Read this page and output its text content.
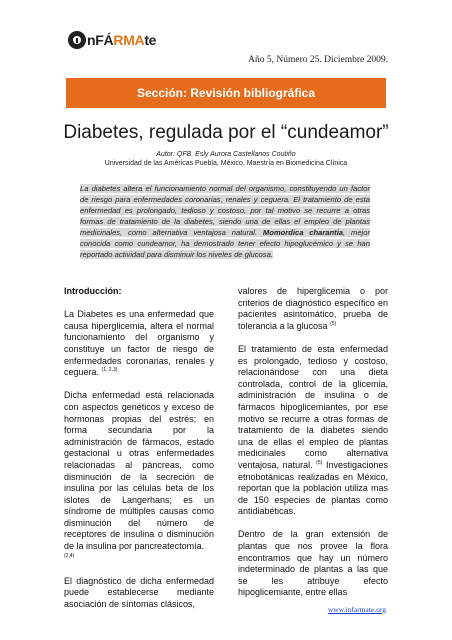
nFÁRMAte
Año 5, Número 25. Diciembre 2009.
Sección: Revisión bibliográfica
Diabetes, regulada por el “cundeamor”
Autor: QFB. Esly Aurora Castellanos Coutiño
Universidad de las Américas Puebla, México. Maestría en Biomedicina Clínica
La diabetes altera el funcionamiento normal del organismo, constituyendo un factor de riesgo para enfermedades coronarias, renales y ceguera. El tratamiento de esta enfermedad es prolongado, tedioso y costoso, por tal motivo se recurre a otras formas de tratamiento de la diabetes, siendo una de ellas el empleo de plantas medicinales, como alternativa ventajosa natural. Momordica charantia, mejor conocida como cundeamor, ha demostrado tener efecto hipoglucémico y se han reportado actividad para disminuir los niveles de glucosa.
Introducción:

La Diabetes es una enfermedad que causa hiperglicemia, altera el normal funcionamiento del organismo y constituye un factor de riesgo de enfermedades coronarias, renales y ceguera. $^{(1, 2,3)}$

Dicha enfermedad está relacionada con aspectos genéticos y exceso de hormonas propias del estrés; en forma secundaria por la administración de fármacos, estado gestacional u otras enfermedades relacionadas al páncreas, como disminución de la secreción de insulina por las células beta de los islotes de Langerhans; es un síndrome de múltiples causas como disminución del número de receptores de insulina o disminución de la insulina por pancreatectomía.
$^{(2,4)}$

El diagnóstico de dicha enfermedad puede establecerse mediante asociación de síntomas clásicos,

valores de hiperglicemia o por criterios de diagnóstico específico en pacientes asintomático, prueba de tolerancia a la glucosa $^{(5)}$

El tratamiento de esta enfermedad es prolongado, tedioso y costoso, relacionándose con una dieta controlada, control de la glicemia, administración de insulina o de fármacos hipoglicemiantes, por ese motivo se recurre a otras formas de tratamiento de la diabetes siendo una de ellas el empleo de plantas medicinales como alternativa ventajosa, natural. $^{(5)}$ Investigaciones etnobotánicas realizadas en México, reportan que la población utiliza mas de 150 especies de plantas como antidiabéticas.

Dentro de la gran extensión de plantas que nos provee la flora encontramos que hay un número indeterminado de plantas a las que se les atribuye efecto hipoglicemiante, entre ellas

www.infarmate.org
